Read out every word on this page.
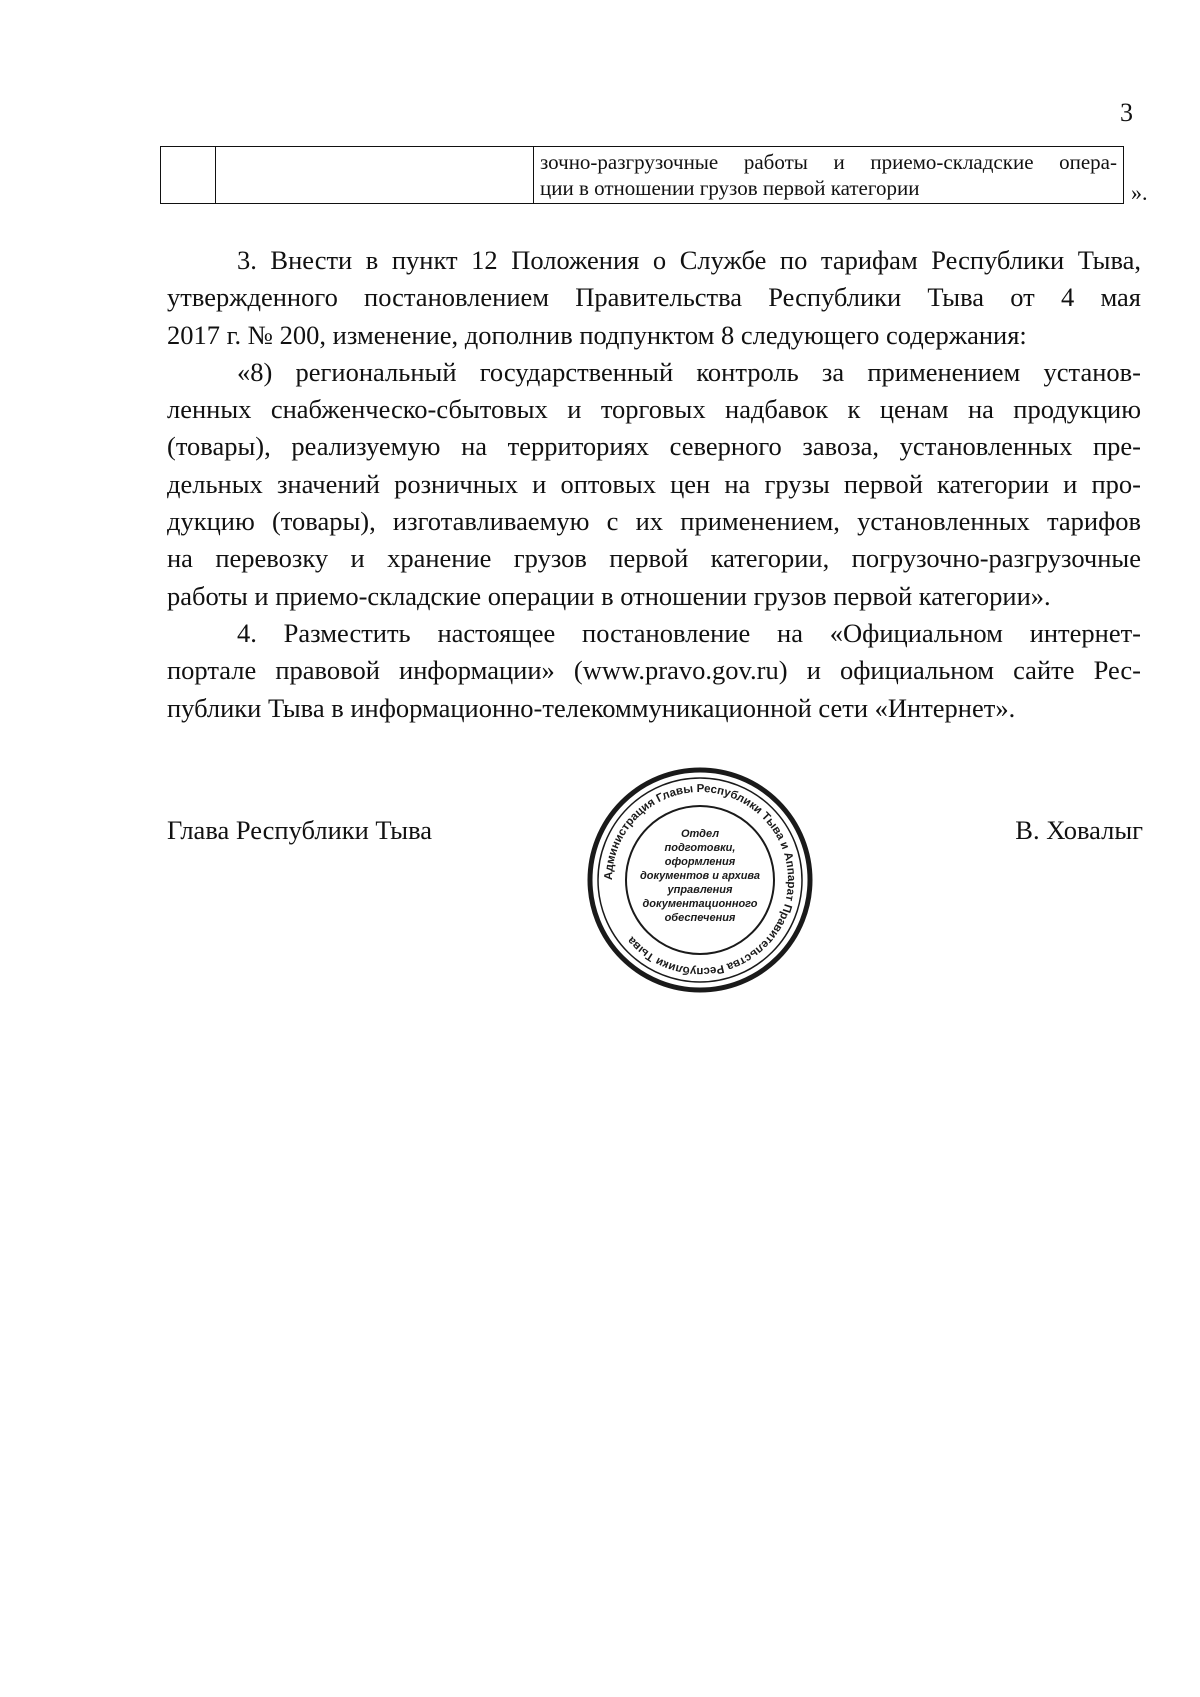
3
зочно-разгрузочные работы и приемо-складские опера-
ции в отношении грузов первой категории	».

3. Внести в пункт 12 Положения о Службе по тарифам Республики Тыва,
утвержденного постановлением Правительства Республики Тыва от 4 мая
2017 г. № 200, изменение, дополнив подпунктом 8 следующего содержания:

«8) региональный государственный контроль за применением установ-
ленных снабженческо-сбытовых и торговых надбавок к ценам на продукцию
(товары), реализуемую на территориях северного завоза, установленных пре-
дельных значений розничных и оптовых цен на грузы первой категории и про-
дукцию (товары), изготавливаемую с их применением, установленных тарифов
на перевозку и хранение грузов первой категории, погрузочно-разгрузочные
работы и приемо-складские операции в отношении грузов первой категории».

4. Разместить настоящее постановление на «Официальном интернет-
портале правовой информации» (www.pravo.gov.ru) и официальном сайте Рес-
публики Тыва в информационно-телекоммуникационной сети «Интернет».

Глава Республики Тыва	В. Ховалыг
Администрация Главы Республики Тыва и Аппарат Правительства Республики Тыва
Отдел
подготовки,
оформления
документов и архива
управления
документационного
обеспечения
